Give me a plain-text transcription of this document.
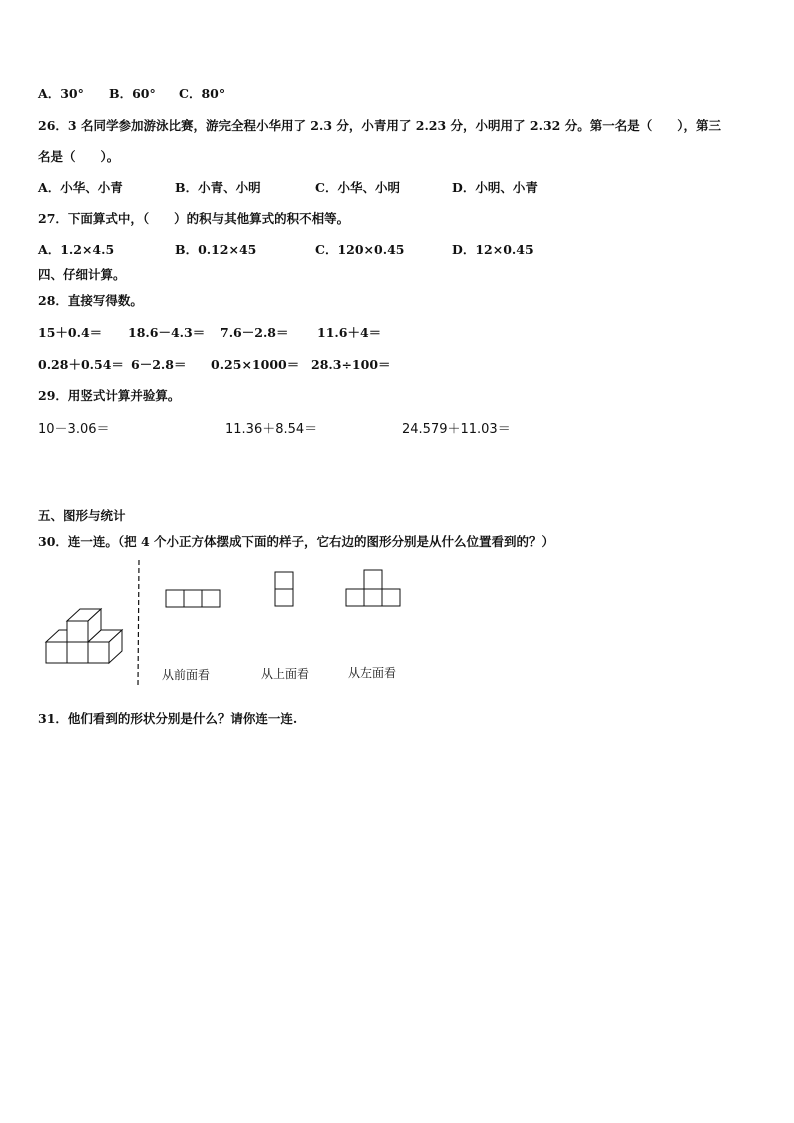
A．30° B．60° C．80°
26．3 名同学参加游泳比赛，游完全程小华用了 2.3 分，小青用了 2.23 分，小明用了 2.32 分。第一名是（　　），第三
名是（　　）。
A．小华、小青	B．小青、小明	C．小华、小明	D．小明、小青
27．下面算式中，（　　）的积与其他算式的积不相等。
A．1.2×4.5	B．0.12×45	C．120×0.45	D．12×0.45
四、仔细计算。
28．直接写得数。
15＋0.4＝ 18.6－4.3＝ 7.6－2.8＝ 11.6＋4＝
0.28＋0.54＝ 6－2.8＝ 0.25×1000＝ 28.3÷100＝
29．用竖式计算并验算。
10－3.06＝	11.36＋8.54＝	24.579＋11.03＝
五、图形与统计
30．连一连。（把 4 个小正方体摆成下面的样子，它右边的图形分别是从什么位置看到的？）
从前面看	从上面看	从左面看
31．他们看到的形状分别是什么？请你连一连.
